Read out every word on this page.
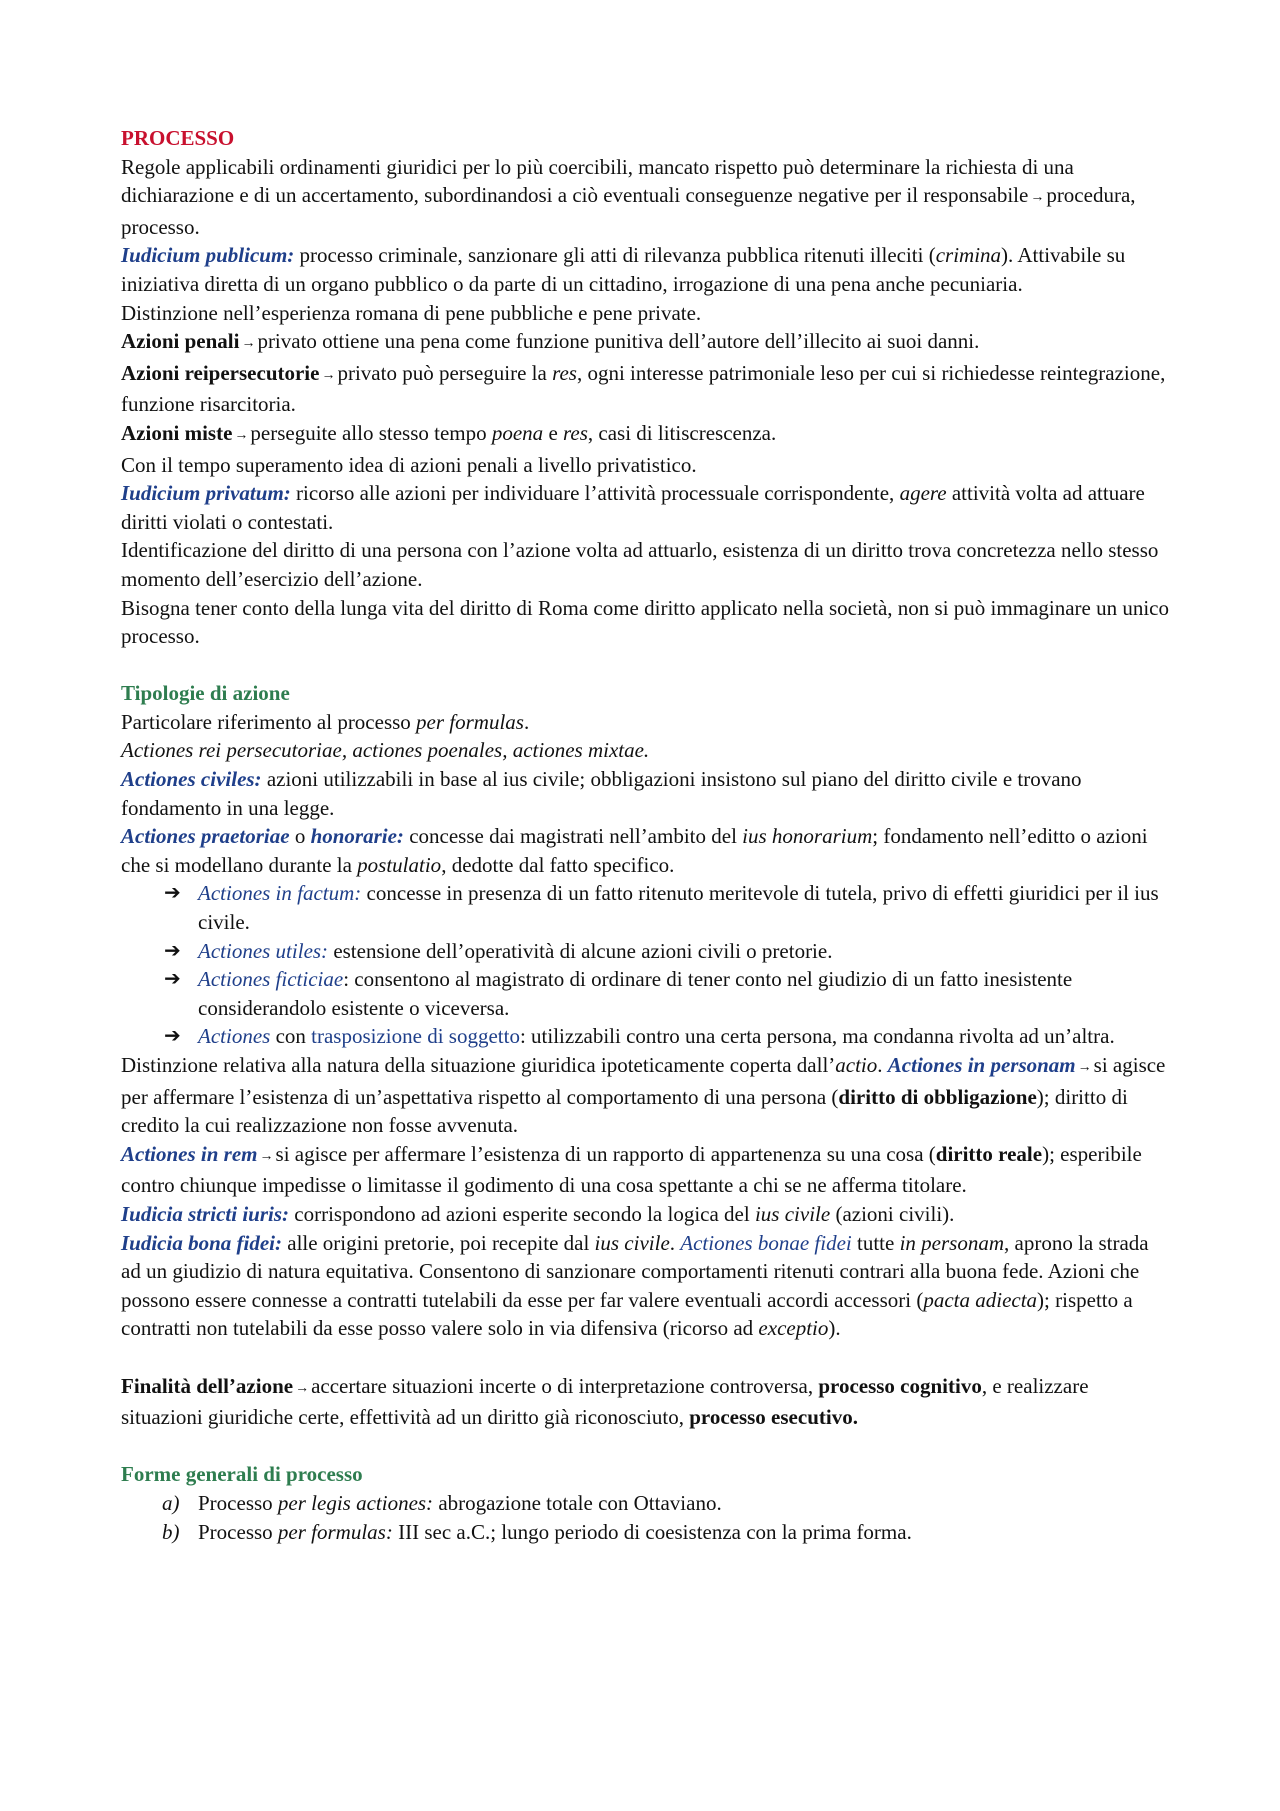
PROCESSO

Regole applicabili ordinamenti giuridici per lo più coercibili, mancato rispetto può determinare la richiesta di una dichiarazione e di un accertamento, subordinandosi a ciò eventuali conseguenze negative per il responsabile →procedura, processo.

Iudicium publicum: processo criminale, sanzionare gli atti di rilevanza pubblica ritenuti illeciti (crimina). Attivabile su iniziativa diretta di un organo pubblico o da parte di un cittadino, irrogazione di una pena anche pecuniaria.

Distinzione nell’esperienza romana di pene pubbliche e pene private.

Azioni penali →privato ottiene una pena come funzione punitiva dell’autore dell’illecito ai suoi danni.

Azioni reipersecutorie →privato può perseguire la res, ogni interesse patrimoniale leso per cui si richiedesse reintegrazione, funzione risarcitoria.

Azioni miste →perseguite allo stesso tempo poena e res, casi di litiscrescenza.

Con il tempo superamento idea di azioni penali a livello privatistico.

Iudicium privatum: ricorso alle azioni per individuare l’attività processuale corrispondente, agere attività volta ad attuare diritti violati o contestati.

Identificazione del diritto di una persona con l’azione volta ad attuarlo, esistenza di un diritto trova concretezza nello stesso momento dell’esercizio dell’azione.

Bisogna tener conto della lunga vita del diritto di Roma come diritto applicato nella società, non si può immaginare un unico processo.

Tipologie di azione

Particolare riferimento al processo per formulas.

Actiones rei persecutoriae, actiones poenales, actiones mixtae.

Actiones civiles: azioni utilizzabili in base al ius civile; obbligazioni insistono sul piano del diritto civile e trovano fondamento in una legge.

Actiones praetoriae o honorarie: concesse dai magistrati nell’ambito del ius honorarium; fondamento nell’editto o azioni che si modellano durante la postulatio, dedotte dal fatto specifico.

➔ Actiones in factum: concesse in presenza di un fatto ritenuto meritevole di tutela, privo di effetti giuridici per il ius civile.
➔ Actiones utiles: estensione dell’operatività di alcune azioni civili o pretorie.
➔ Actiones ficticiae: consentono al magistrato di ordinare di tener conto nel giudizio di un fatto inesistente considerandolo esistente o viceversa.
➔ Actiones con trasposizione di soggetto: utilizzabili contro una certa persona, ma condanna rivolta ad un’altra.

Distinzione relativa alla natura della situazione giuridica ipoteticamente coperta dall’actio. Actiones in personam →si agisce per affermare l’esistenza di un’aspettativa rispetto al comportamento di una persona (diritto di obbligazione); diritto di credito la cui realizzazione non fosse avvenuta.

Actiones in rem →si agisce per affermare l’esistenza di un rapporto di appartenenza su una cosa (diritto reale); esperibile contro chiunque impedisse o limitasse il godimento di una cosa spettante a chi se ne afferma titolare.

Iudicia stricti iuris: corrispondono ad azioni esperite secondo la logica del ius civile (azioni civili).

Iudicia bona fidei: alle origini pretorie, poi recepite dal ius civile. Actiones bonae fidei tutte in personam, aprono la strada ad un giudizio di natura equitativa. Consentono di sanzionare comportamenti ritenuti contrari alla buona fede. Azioni che possono essere connesse a contratti tutelabili da esse per far valere eventuali accordi accessori (pacta adiecta); rispetto a contratti non tutelabili da esse posso valere solo in via difensiva (ricorso ad exceptio).

Finalità dell’azione →accertare situazioni incerte o di interpretazione controversa, processo cognitivo, e realizzare situazioni giuridiche certe, effettività ad un diritto già riconosciuto, processo esecutivo.

Forme generali di processo

a) Processo per legis actiones: abrogazione totale con Ottaviano.
b) Processo per formulas: III sec a.C.; lungo periodo di coesistenza con la prima forma.
